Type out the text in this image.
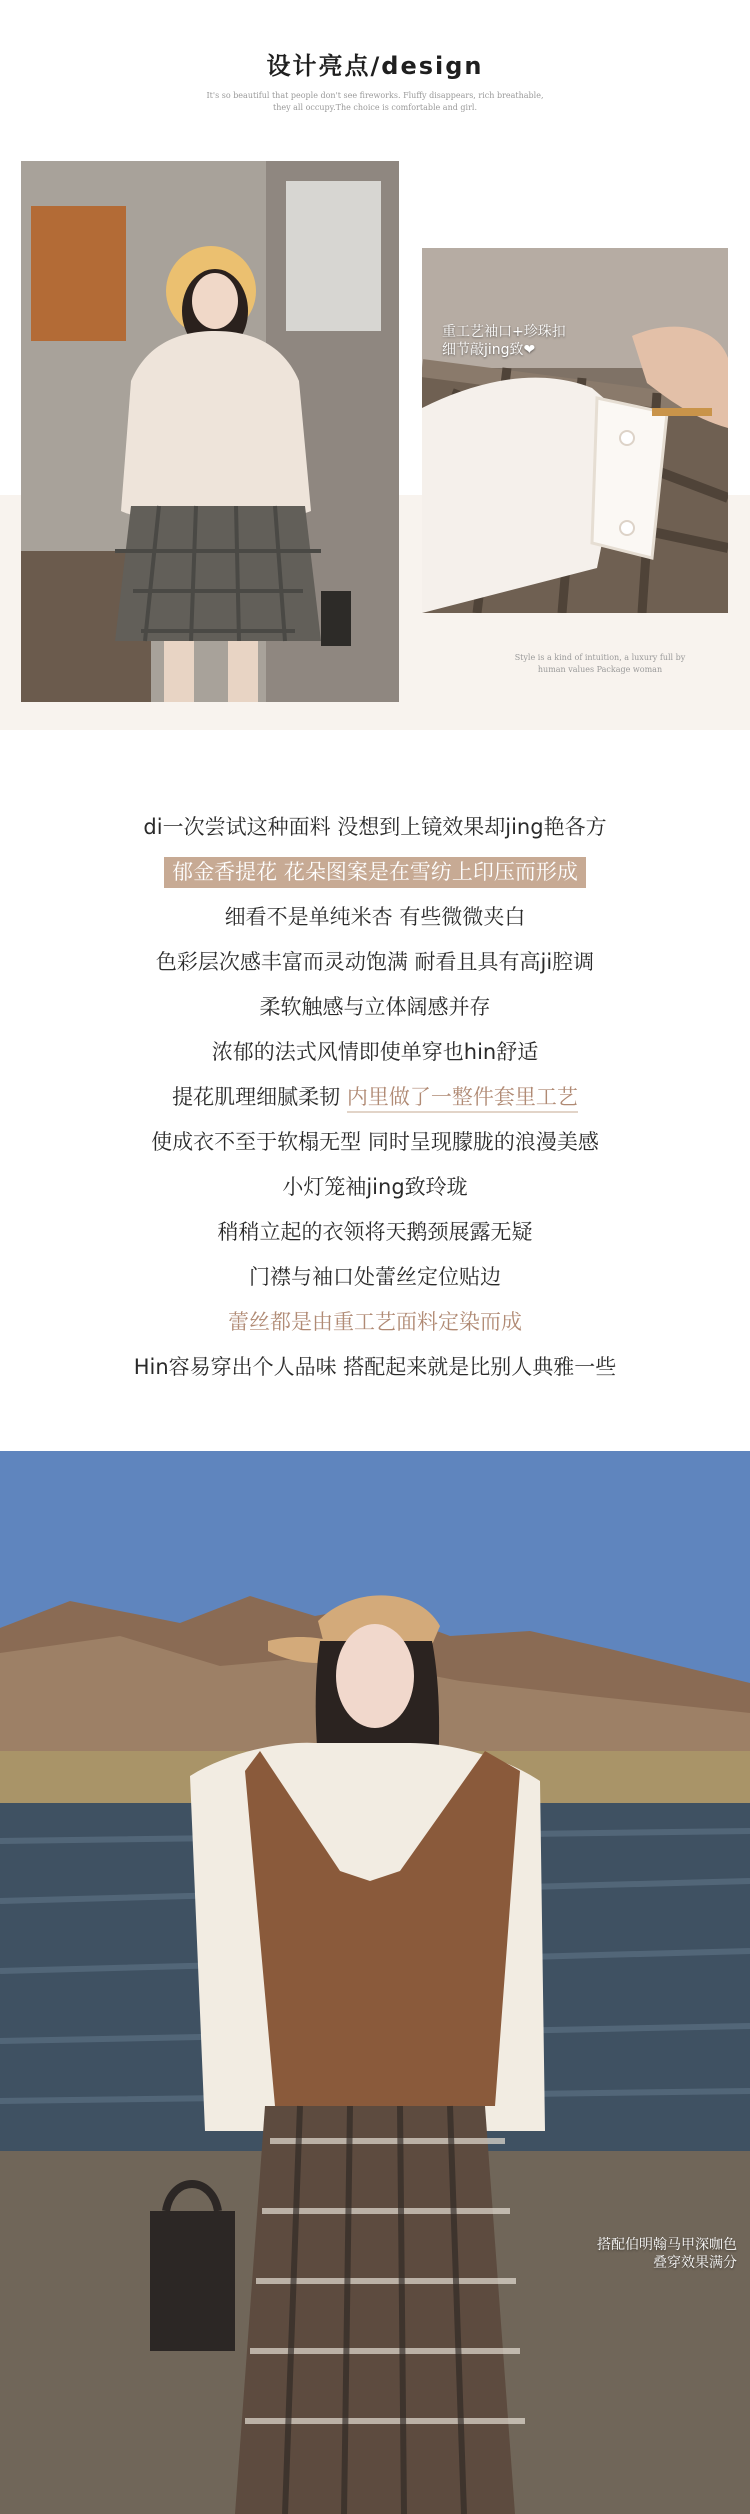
设计亮点/design
It's so beautiful that people don't see fireworks. Fluffy disappears, rich breathable,
they all occupy.The choice is comfortable and girl.
重工艺袖口+珍珠扣
细节敲jing致❤
Style is a kind of intuition, a luxury full by
human values Package woman
di一次尝试这种面料 没想到上镜效果却jing艳各方
郁金香提花 花朵图案是在雪纺上印压而形成
细看不是单纯米杏 有些微微夹白
色彩层次感丰富而灵动饱满 耐看且具有高ji腔调
柔软触感与立体阔感并存
浓郁的法式风情即使单穿也hin舒适
提花肌理细腻柔韧 内里做了一整件套里工艺
使成衣不至于软榻无型 同时呈现朦胧的浪漫美感
小灯笼袖jing致玲珑
稍稍立起的衣领将天鹅颈展露无疑
门襟与袖口处蕾丝定位贴边
蕾丝都是由重工艺面料定染而成
Hin容易穿出个人品味 搭配起来就是比别人典雅一些
搭配伯明翰马甲深咖色
叠穿效果满分
